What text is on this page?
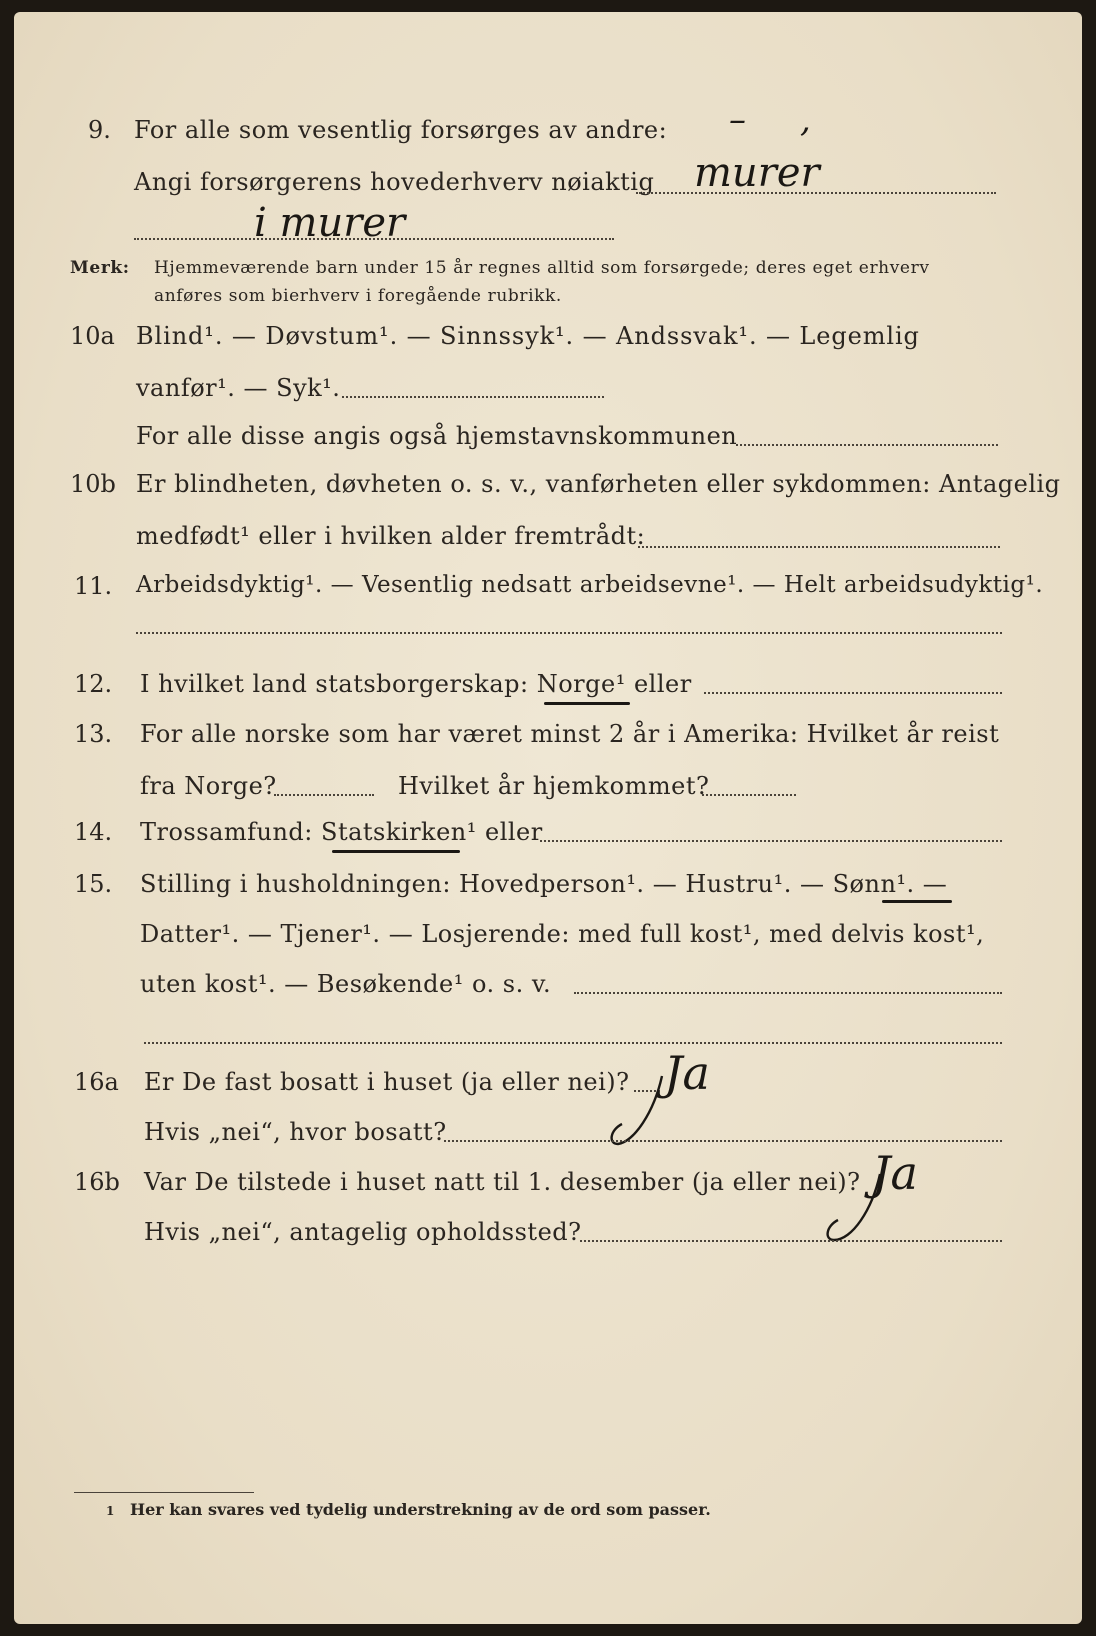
9. For alle som vesentlig forsørges av andre: –     ,
Angi forsørgerens hovederhverv nøiaktig murer
i murer
Merk: Hjemmeværende barn under 15 år regnes alltid som forsørgede; deres eget erhverv
anføres som bierhverv i foregående rubrikk.
10a Blind¹. — Døvstum¹. — Sinnssyk¹. — Andssvak¹. — Legemlig
vanfør¹. — Syk¹.
For alle disse angis også hjemstavnskommunen
10b Er blindheten, døvheten o. s. v., vanførheten eller sykdommen: Antagelig
medfødt¹ eller i hvilken alder fremtrådt:
11. Arbeidsdyktig¹. — Vesentlig nedsatt arbeidsevne¹. — Helt arbeidsudyktig¹.
12. I hvilket land statsborgerskap: Norge¹ eller
13. For alle norske som har været minst 2 år i Amerika: Hvilket år reist
fra Norge?	Hvilket år hjemkommet?
14. Trossamfund: Statskirken¹ eller
15. Stilling i husholdningen: Hovedperson¹. — Hustru¹. — Sønn¹. —
Datter¹. — Tjener¹. — Losjerende: med full kost¹, med delvis kost¹,
uten kost¹. — Besøkende¹ o. s. v.
16a Er De fast bosatt i huset (ja eller nei)? Ja
Hvis „nei“, hvor bosatt?
16b Var De tilstede i huset natt til 1. desember (ja eller nei)? Ja
Hvis „nei“, antagelig opholdssted?
1 Her kan svares ved tydelig understrekning av de ord som passer.
